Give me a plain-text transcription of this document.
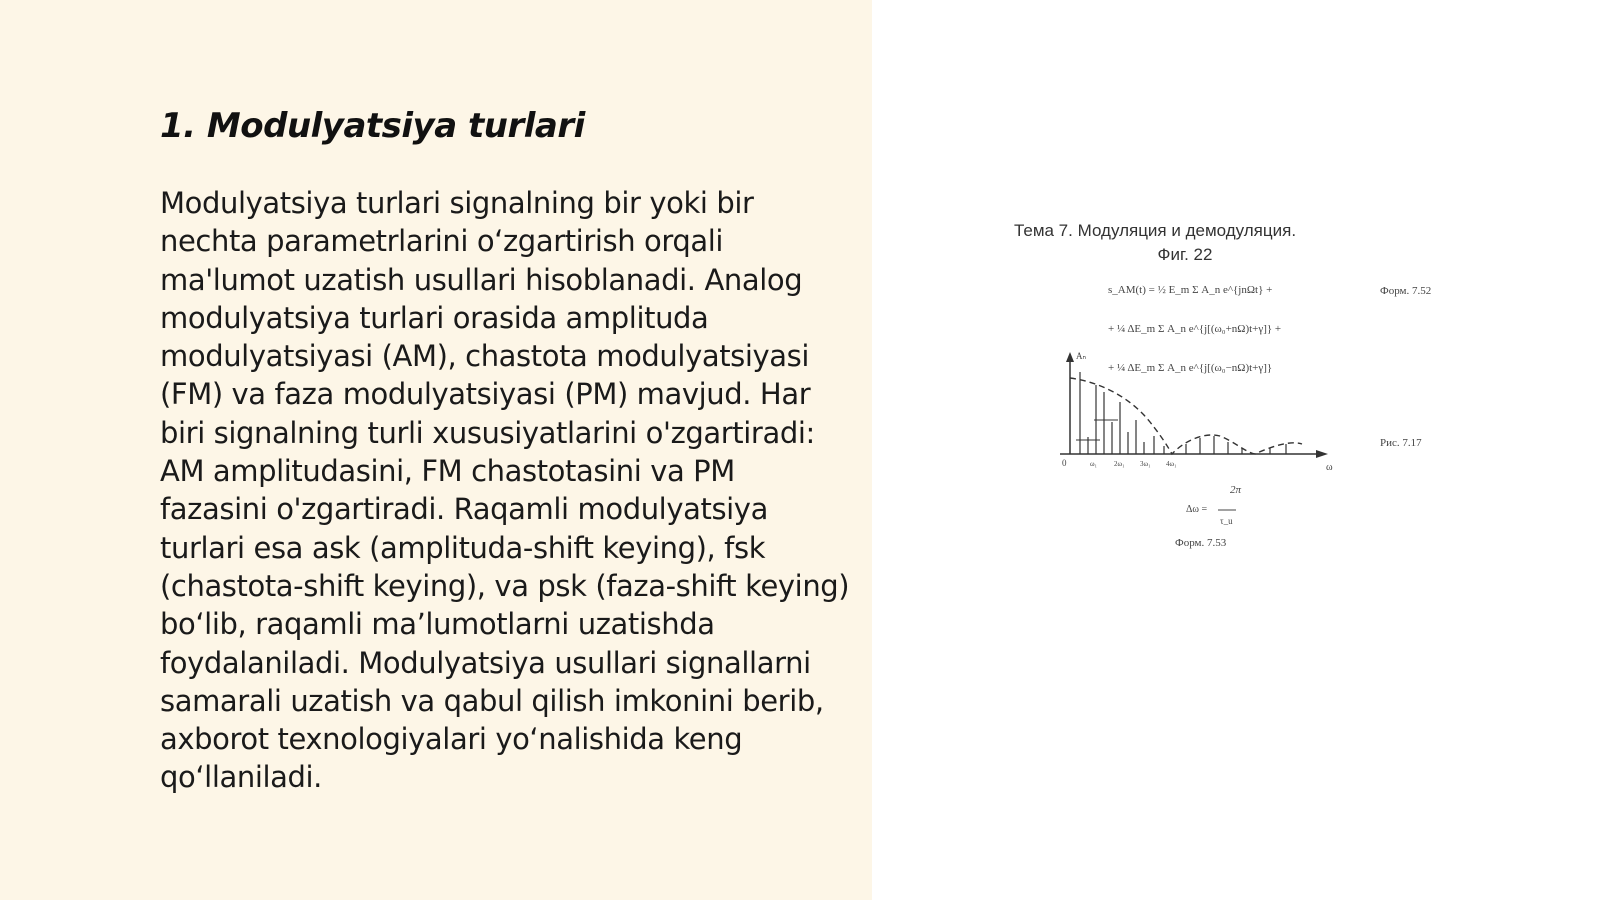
1. Modulyatsiya turlari

Modulyatsiya turlari signalning bir yoki bir nechta parametrlarini o‘zgartirish orqali ma'lumot uzatish usullari hisoblanadi. Analog modulyatsiya turlari orasida amplituda modulyatsiyasi (AM), chastota modulyatsiyasi (FM) va faza modulyatsiyasi (PM) mavjud. Har biri signalning turli xususiyatlarini o'zgartiradi: AM amplitudasini, FM chastotasini va PM fazasini o'zgartiradi. Raqamli modulyatsiya turlari esa ask (amplituda-shift keying), fsk (chastota-shift keying), va psk (faza-shift keying) bo‘lib, raqamli ma’lumotlarni uzatishda foydalaniladi. Modulyatsiya usullari signallarni samarali uzatish va qabul qilish imkonini berib, axborot texnologiyalari yo‘nalishida keng qo‘llaniladi.

Тема 7. Модуляция и демодуляция.
Фиг. 22
s_AM(t) = ½ E_m Σ A_n e^{jnΩt} +
+ ¼ ΔE_m Σ A_n e^{j[(ω₀+nΩ)t+γ]} +
+ ¼ ΔE_m Σ A_n e^{j[(ω₀−nΩ)t+γ]}
Форм. 7.52
Aₙ
ω
0	ω₁ 2ω₁ 3ω₁ 4ω₁
Рис. 7.17
2π
Δω =
τ_u
Форм. 7.53
